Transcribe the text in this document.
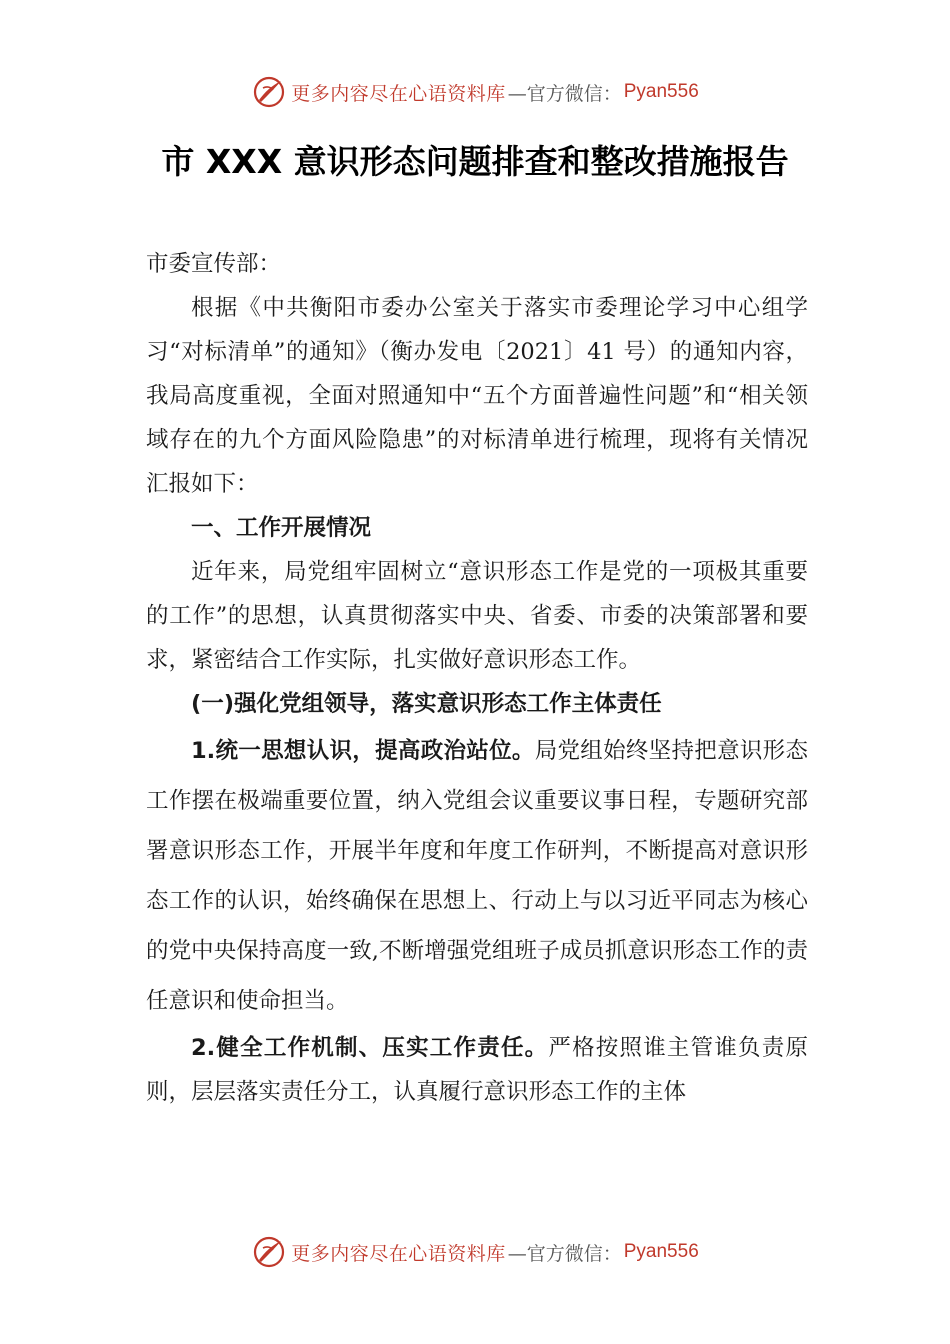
更多内容尽在心语资料库 —官方微信： Pyan556
市 XXX 意识形态问题排查和整改措施报告

市委宣传部：

根据《中共衡阳市委办公室关于落实市委理论学习中心组学习“对标清单”的通知》（衡办发电〔2021〕41 号）的通知内容，我局高度重视，全面对照通知中“五个方面普遍性问题”和“相关领域存在的九个方面风险隐患”的对标清单进行梳理，现将有关情况汇报如下：

一、工作开展情况

近年来，局党组牢固树立“意识形态工作是党的一项极其重要的工作”的思想，认真贯彻落实中央、省委、市委的决策部署和要求，紧密结合工作实际，扎实做好意识形态工作。

(一)强化党组领导，落实意识形态工作主体责任

1.统一思想认识，提高政治站位。局党组始终坚持把意识形态工作摆在极端重要位置，纳入党组会议重要议事日程，专题研究部署意识形态工作，开展半年度和年度工作研判，不断提高对意识形态工作的认识，始终确保在思想上、行动上与以习近平同志为核心的党中央保持高度一致,不断增强党组班子成员抓意识形态工作的责任意识和使命担当。

2.健全工作机制、压实工作责任。严格按照谁主管谁负责原则，层层落实责任分工，认真履行意识形态工作的主体

更多内容尽在心语资料库 —官方微信： Pyan556
